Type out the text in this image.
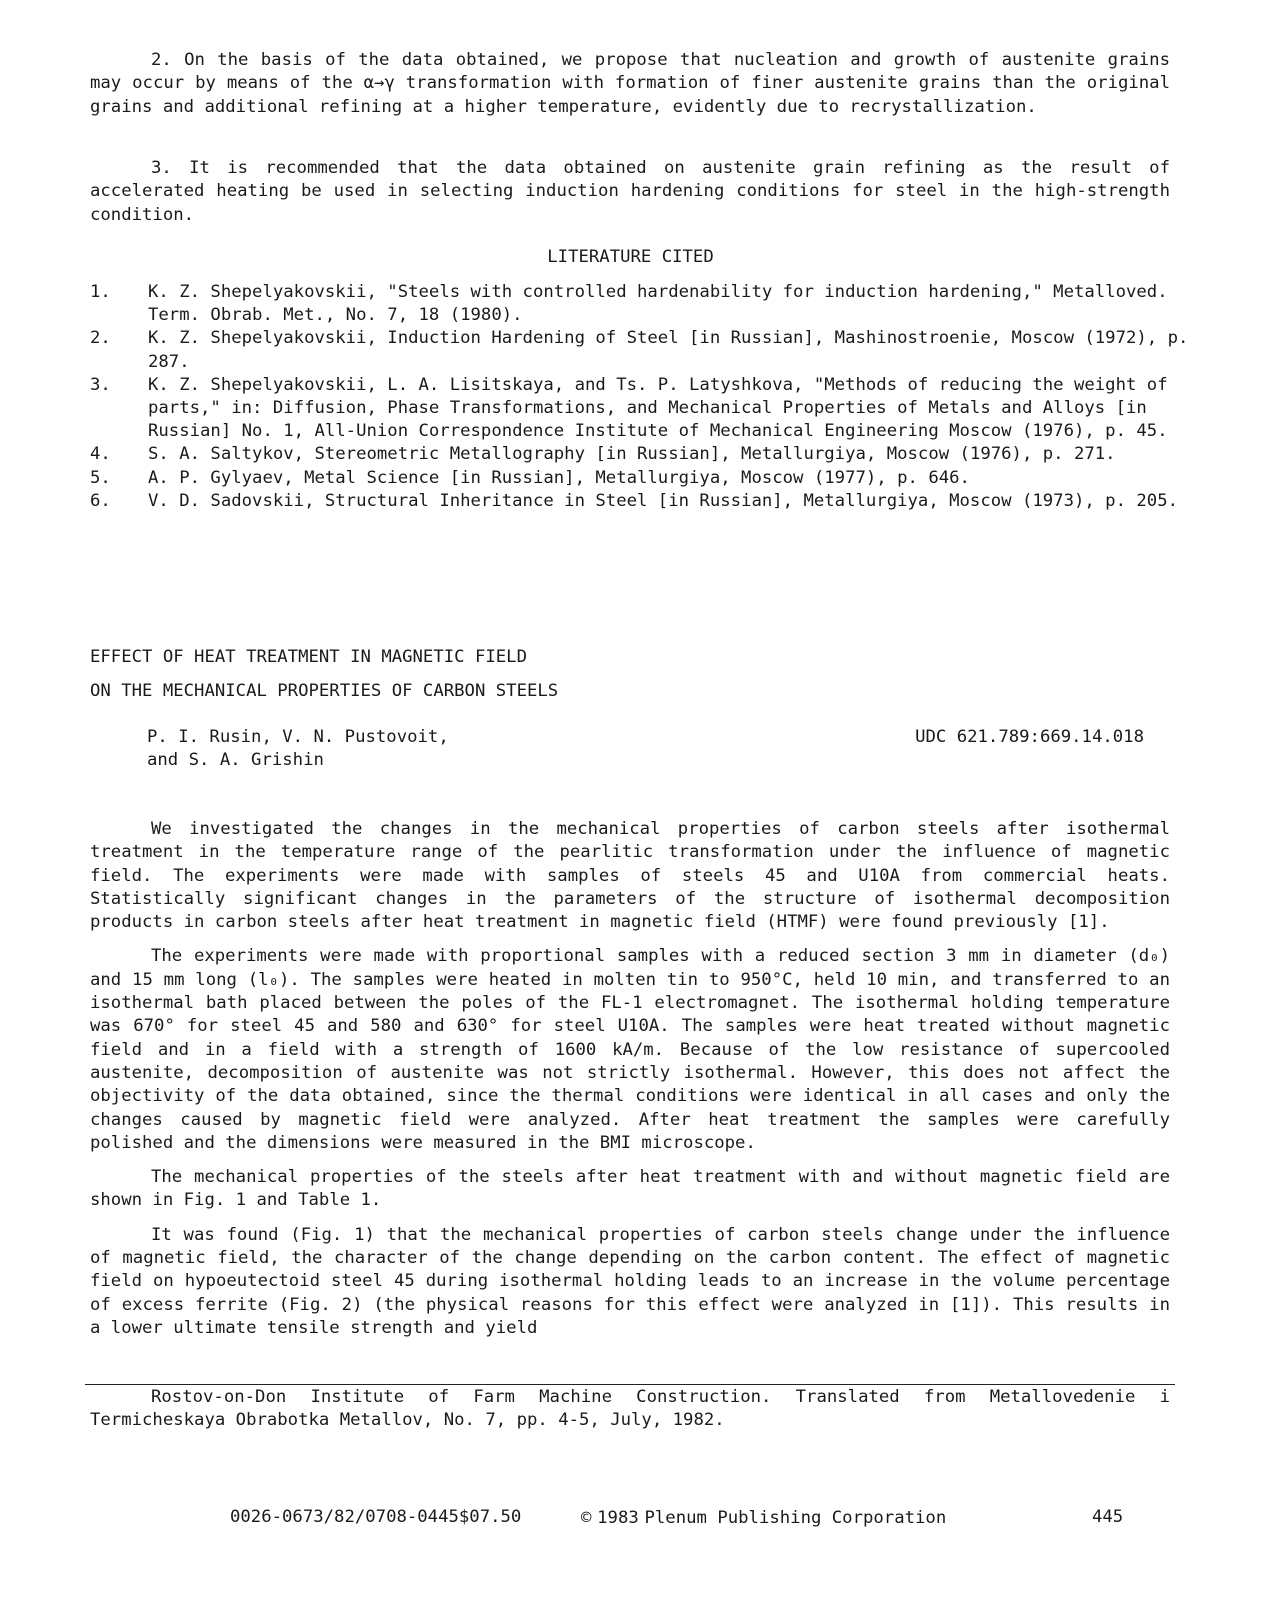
2. On the basis of the data obtained, we propose that nucleation and growth of austenite grains may occur by means of the α→γ transformation with formation of finer austenite grains than the original grains and additional refining at a higher temperature, evidently due to recrystallization.

3. It is recommended that the data obtained on austenite grain refining as the result of accelerated heating be used in selecting induction hardening conditions for steel in the high-strength condition.

LITERATURE CITED
1. K. Z. Shepelyakovskii, "Steels with controlled hardenability for induction hardening," Metalloved. Term. Obrab. Met., No. 7, 18 (1980).
2. K. Z. Shepelyakovskii, Induction Hardening of Steel [in Russian], Mashinostroenie, Moscow (1972), p. 287.
3. K. Z. Shepelyakovskii, L. A. Lisitskaya, and Ts. P. Latyshkova, "Methods of reducing the weight of parts," in: Diffusion, Phase Transformations, and Mechanical Properties of Metals and Alloys [in Russian] No. 1, All-Union Correspondence Institute of Mechanical Engineering Moscow (1976), p. 45.
4. S. A. Saltykov, Stereometric Metallography [in Russian], Metallurgiya, Moscow (1976), p. 271.
5. A. P. Gylyaev, Metal Science [in Russian], Metallurgiya, Moscow (1977), p. 646.
6. V. D. Sadovskii, Structural Inheritance in Steel [in Russian], Metallurgiya, Moscow (1973), p. 205.
EFFECT OF HEAT TREATMENT IN MAGNETIC FIELD
ON THE MECHANICAL PROPERTIES OF CARBON STEELS
P. I. Rusin, V. N. Pustovoit,
and S. A. Grishin
UDC 621.789:669.14.018

We investigated the changes in the mechanical properties of carbon steels after isothermal treatment in the temperature range of the pearlitic transformation under the influence of magnetic field. The experiments were made with samples of steels 45 and U10A from commercial heats. Statistically significant changes in the parameters of the structure of isothermal decomposition products in carbon steels after heat treatment in magnetic field (HTMF) were found previously [1].

The experiments were made with proportional samples with a reduced section 3 mm in diameter (d₀) and 15 mm long (l₀). The samples were heated in molten tin to 950°C, held 10 min, and transferred to an isothermal bath placed between the poles of the FL-1 electromagnet. The isothermal holding temperature was 670° for steel 45 and 580 and 630° for steel U10A. The samples were heat treated without magnetic field and in a field with a strength of 1600 kA/m. Because of the low resistance of supercooled austenite, decomposition of austenite was not strictly isothermal. However, this does not affect the objectivity of the data obtained, since the thermal conditions were identical in all cases and only the changes caused by magnetic field were analyzed. After heat treatment the samples were carefully polished and the dimensions were measured in the BMI microscope.

The mechanical properties of the steels after heat treatment with and without magnetic field are shown in Fig. 1 and Table 1.

It was found (Fig. 1) that the mechanical properties of carbon steels change under the influence of magnetic field, the character of the change depending on the carbon content. The effect of magnetic field on hypoeutectoid steel 45 during isothermal holding leads to an increase in the volume percentage of excess ferrite (Fig. 2) (the physical reasons for this effect were analyzed in [1]). This results in a lower ultimate tensile strength and yield

Rostov-on-Don Institute of Farm Machine Construction. Translated from Metallovedenie i Termicheskaya Obrabotka Metallov, No. 7, pp. 4-5, July, 1982.

0026-0673/82/0708-0445$07.50	© 1983 Plenum Publishing Corporation	445
